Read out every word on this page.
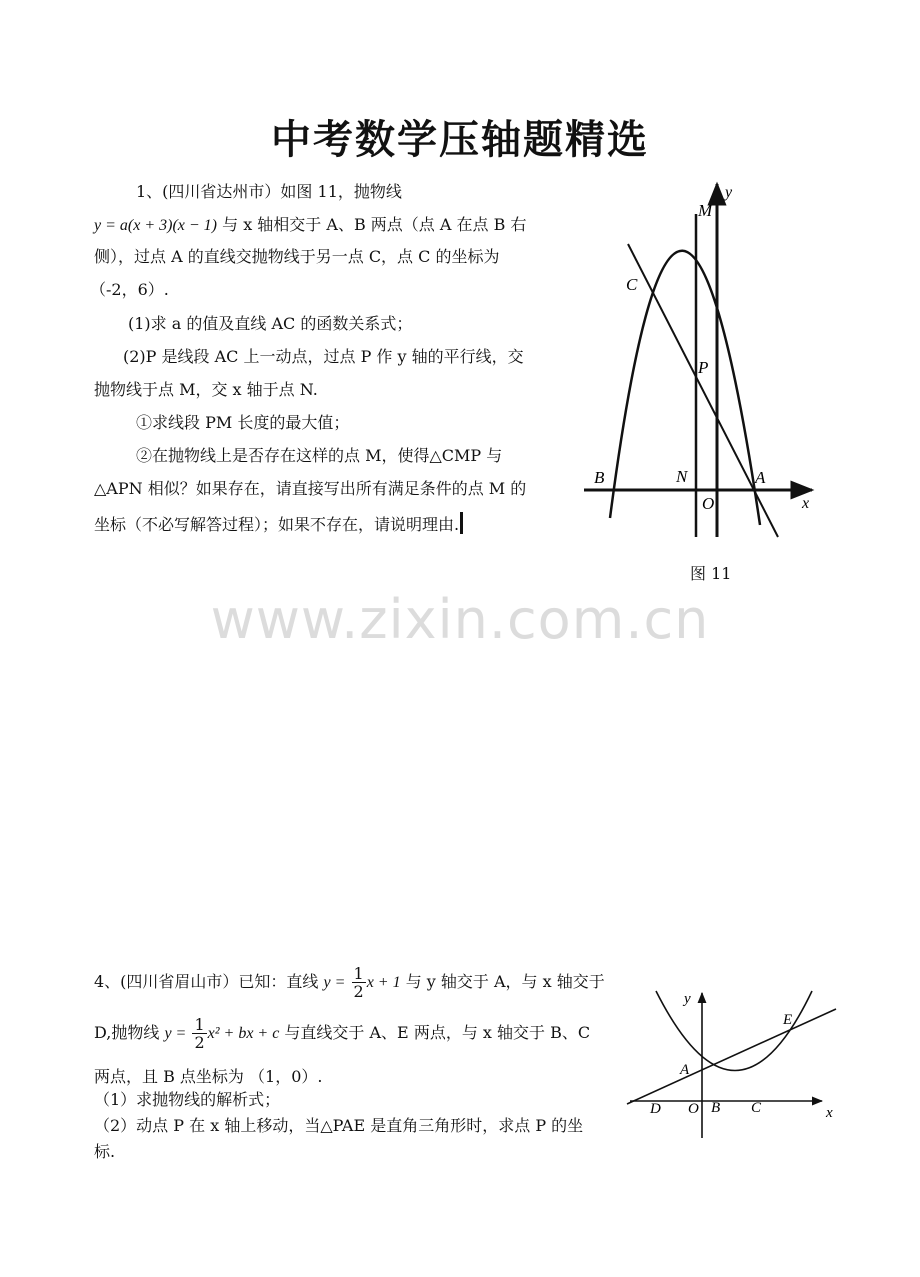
中考数学压轴题精选
1、(四川省达州市）如图 11，抛物线
y = a(x + 3)(x − 1) 与 x 轴相交于 A、B 两点（点 A 在点 B 右
侧），过点 A 的直线交抛物线于另一点 C，点 C 的坐标为
（-2，6）.
(1)求 a 的值及直线 AC 的函数关系式；
(2)P 是线段 AC 上一动点，过点 P 作 y 轴的平行线，交
抛物线于点 M，交 x 轴于点 N.
①求线段 PM 长度的最大值；
②在抛物线上是否存在这样的点 M，使得△CMP 与
△APN 相似？如果存在，请直接写出所有满足条件的点 M 的
坐标（不必写解答过程）；如果不存在，请说明理由.
y
M
C
P
N
B	A
O	x
图 11
www.zixin.com.cn
4、(四川省眉山市）已知：直线 $y = \frac{1}{2}$ x + 1 与 y 轴交于 A，与 x 轴交于
D,抛物线 $y = \frac{1}{2} x^2$ + bx + c 与直线交于 A、E 两点，与 x 轴交于 B、C
两点，且 B 点坐标为 （1，0）.
（1）求抛物线的解析式；
（2）动点 P 在 x 轴上移动，当△PAE 是直角三角形时，求点 P 的坐
标.
y
E
A
D O B C	x
